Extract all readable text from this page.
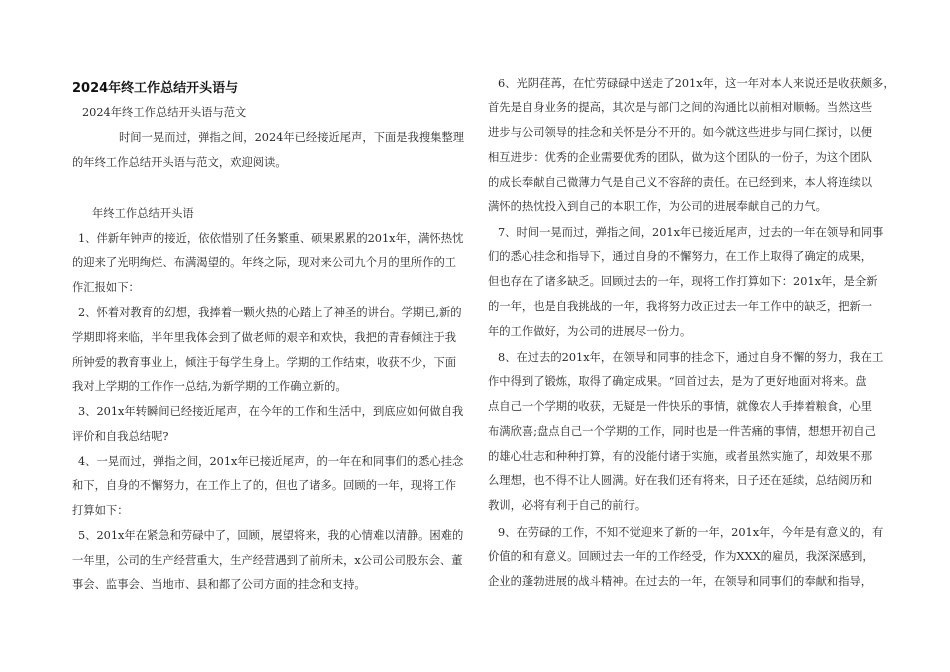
2024年终工作总结开头语与
2024年终工作总结开头语与范文
时间一晃而过，弹指之间，2024年已经接近尾声，下面是我搜集整理
的年终工作总结开头语与范文，欢迎阅读。
年终工作总结开头语
1、伴新年钟声的接近，依依惜别了任务繁重、硕果累累的201x年，满怀热忱
的迎来了光明绚烂、布满渴望的。年终之际，现对来公司九个月的里所作的工
作汇报如下：
2、怀着对教育的幻想，我捧着一颗火热的心踏上了神圣的讲台。学期已,新的
学期即将来临，半年里我体会到了做老师的艰辛和欢快，我把的青春倾注于我
所钟爱的教育事业上，倾注于每学生身上。学期的工作结束，收获不少，下面
我对上学期的工作作一总结,为新学期的工作确立新的。
3、201x年转瞬间已经接近尾声，在今年的工作和生活中，到底应如何做自我
评价和自我总结呢?
4、一晃而过，弹指之间，201x年已接近尾声，的一年在和同事们的悉心挂念
和下，自身的不懈努力，在工作上了的，但也了诸多。回顾的一年，现将工作
打算如下：
5、201x年在紧急和劳碌中了，回顾，展望将来，我的心情难以清静。困难的
一年里，公司的生产经营重大，生产经营遇到了前所未，x公司公司股东会、董
事会、监事会、当地市、县和都了公司方面的挂念和支持。
6、光阴荏苒，在忙劳碌碌中送走了201x年，这一年对本人来说还是收获颇多，
首先是自身业务的提高，其次是与部门之间的沟通比以前相对顺畅。当然这些
进步与公司领导的挂念和关怀是分不开的。如今就这些进步与同仁探讨，以便
相互进步：优秀的企业需要优秀的团队，做为这个团队的一份子，为这个团队
的成长奉献自己微薄力气是自己义不容辞的责任。在已经到来，本人将连续以
满怀的热忱投入到自己的本职工作，为公司的进展奉献自己的力气。
7、时间一晃而过，弹指之间，201x年已接近尾声，过去的一年在领导和同事
们的悉心挂念和指导下，通过自身的不懈努力，在工作上取得了确定的成果，
但也存在了诸多缺乏。回顾过去的一年，现将工作打算如下：201x年，是全新
的一年，也是自我挑战的一年，我将努力改正过去一年工作中的缺乏，把新一
年的工作做好，为公司的进展尽一份力。
8、在过去的201x年，在领导和同事的挂念下，通过自身不懈的努力，我在工
作中得到了锻炼，取得了确定成果。“回首过去，是为了更好地面对将来。盘
点自己一个学期的收获，无疑是一件快乐的事情，就像农人手捧着粮食，心里
布满欣喜;盘点自己一个学期的工作，同时也是一件苦痛的事情，想想开初自己
的雄心壮志和种种打算，有的没能付诸于实施，或者虽然实施了，却效果不那
么理想，也不得不让人圆满。好在我们还有将来，日子还在延续，总结阅历和
教训，必将有利于自己的前行。
9、在劳碌的工作，不知不觉迎来了新的一年，201x年，今年是有意义的，有
价值的和有意义。回顾过去一年的工作经受，作为XXX的雇员，我深深感到，
企业的蓬勃进展的战斗精神。在过去的一年，在领导和同事们的奉献和指导，
